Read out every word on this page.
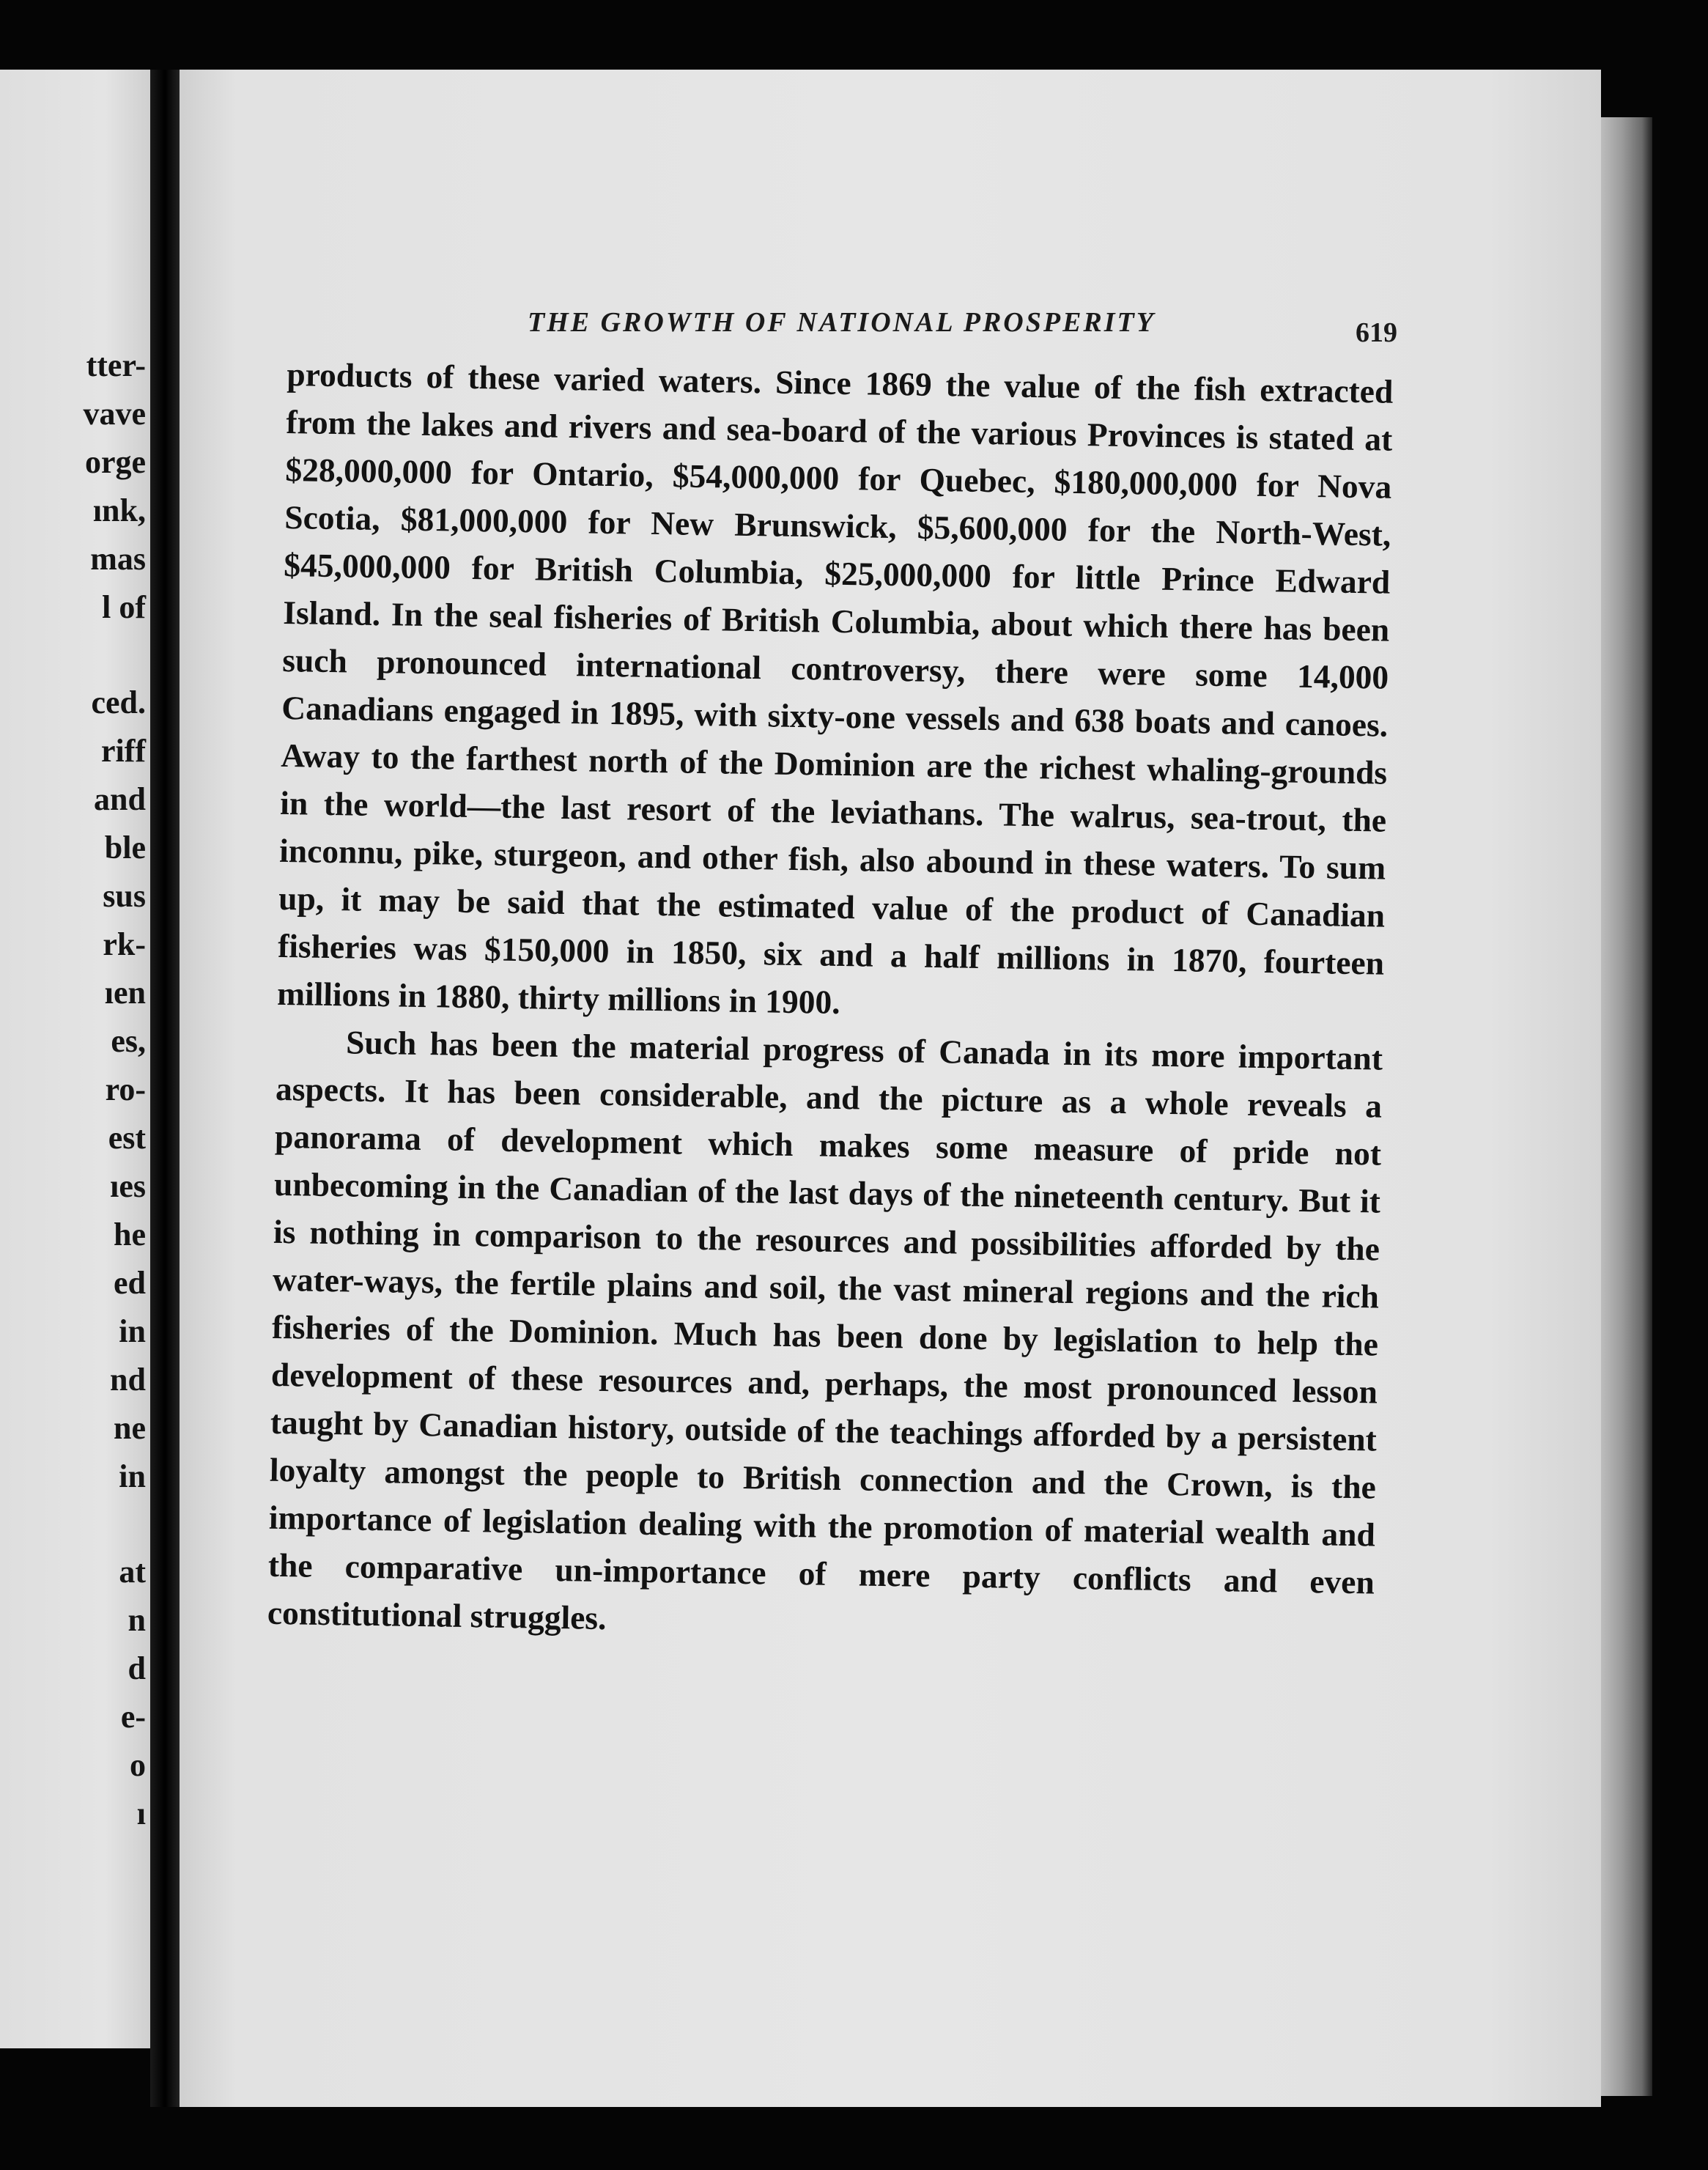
tter-
vave
orge
ınk,
mas
l of
ced.
riff
and
ble
sus
rk-
ıen
es,
ro-
est
ıes
he
ed
in
nd
ne
in
at
n
d
e-
o
ı
THE GROWTH OF NATIONAL PROSPERITY	619

products of these varied waters. Since 1869 the value of the fish extracted from the lakes and rivers and sea-board of the various Provinces is stated at $28,000,000 for Ontario, $54,000,000 for Quebec, $180,000,000 for Nova Scotia, $81,000,000 for New Brunswick, $5,600,000 for the North-West, $45,000,000 for British Columbia, $25,000,000 for little Prince Edward Island. In the seal fisheries of British Columbia, about which there has been such pronounced international controversy, there were some 14,000 Canadians engaged in 1895, with sixty-one vessels and 638 boats and canoes. Away to the farthest north of the Dominion are the richest whaling-grounds in the world—the last resort of the leviathans. The walrus, sea-trout, the inconnu, pike, sturgeon, and other fish, also abound in these waters. To sum up, it may be said that the estimated value of the product of Canadian fisheries was $150,000 in 1850, six and a half millions in 1870, fourteen millions in 1880, thirty millions in 1900.

Such has been the material progress of Canada in its more important aspects. It has been considerable, and the picture as a whole reveals a panorama of development which makes some measure of pride not unbecoming in the Canadian of the last days of the nineteenth century. But it is nothing in comparison to the resources and possibilities afforded by the water-ways, the fertile plains and soil, the vast mineral regions and the rich fisheries of the Dominion. Much has been done by legislation to help the development of these resources and, perhaps, the most pronounced lesson taught by Canadian history, outside of the teachings afforded by a persistent loyalty amongst the people to British connection and the Crown, is the importance of legislation dealing with the promotion of material wealth and the comparative un-importance of mere party conflicts and even constitutional struggles.
